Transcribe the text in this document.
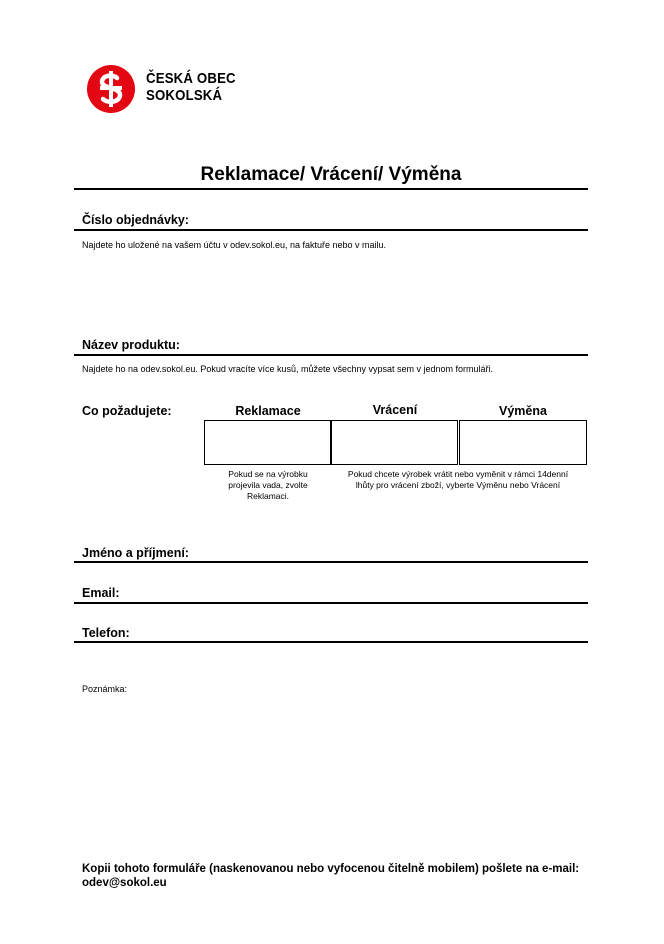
ČESKÁ OBEC
SOKOLSKÁ
Reklamace/ Vrácení/ Výměna
Číslo objednávky:
Najdete ho uložené na vašem účtu v odev.sokol.eu, na faktuře nebo v mailu.
Název produktu:
Najdete ho na odev.sokol.eu. Pokud vracíte více kusů, můžete všechny vypsat sem v jednom formuláři.
Co požadujete:	Reklamace	Vrácení	Výměna
Pokud se na výrobku projevila vada, zvolte Reklamaci.
Pokud chcete výrobek vrátit nebo vyměnit v rámci 14denní lhůty pro vrácení zboží, vyberte Výměnu nebo Vrácení
Jméno a příjmení:
Email:
Telefon:
Poznámka:
Kopii tohoto formuláře (naskenovanou nebo vyfocenou čitelně mobilem) pošlete na e-mail:
odev@sokol.eu
